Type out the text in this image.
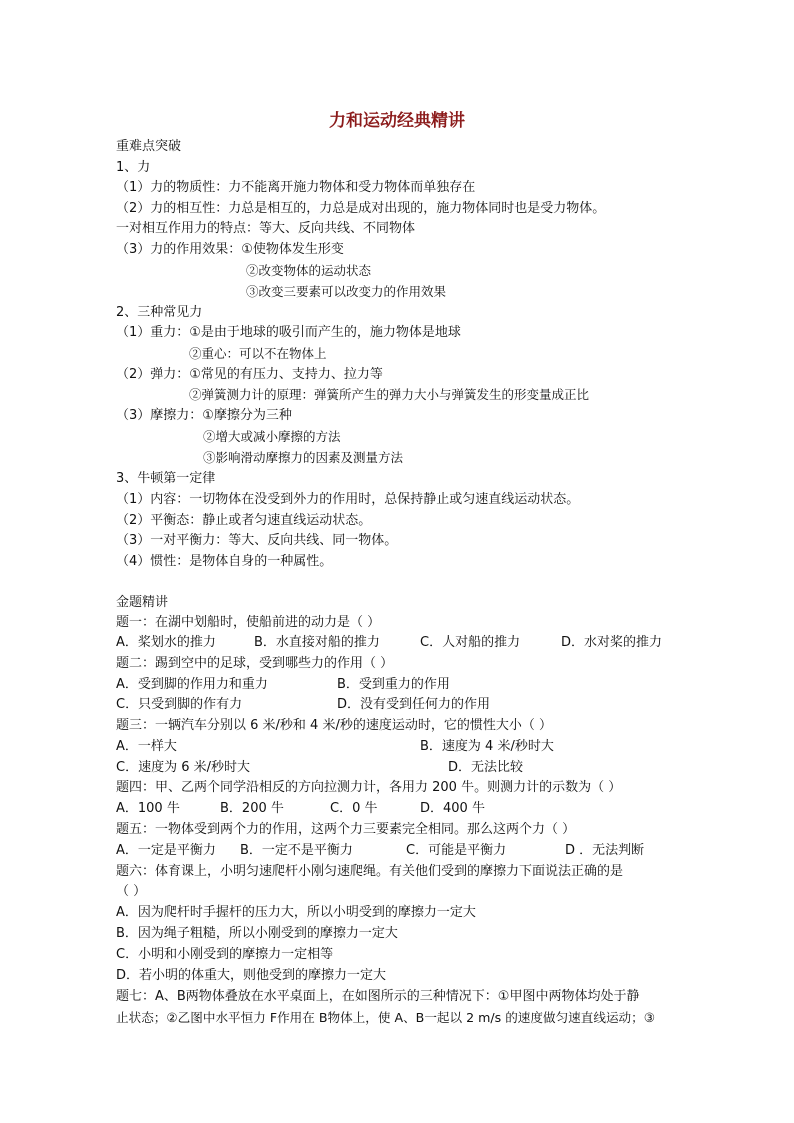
力和运动经典精讲
重难点突破
1、力
（1）力的物质性：力不能离开施力物体和受力物体而单独存在
（2）力的相互性：力总是相互的，力总是成对出现的，施力物体同时也是受力物体。
一对相互作用力的特点：等大、反向共线、不同物体
（3）力的作用效果：①使物体发生形变
②改变物体的运动状态
③改变三要素可以改变力的作用效果
2、三种常见力
（1）重力：①是由于地球的吸引而产生的，施力物体是地球
②重心：可以不在物体上
（2）弹力：①常见的有压力、支持力、拉力等
②弹簧测力计的原理：弹簧所产生的弹力大小与弹簧发生的形变量成正比
（3）摩擦力：①摩擦分为三种
②增大或减小摩擦的方法
③影响滑动摩擦力的因素及测量方法
3、牛顿第一定律
（1）内容：一切物体在没受到外力的作用时，总保持静止或匀速直线运动状态。
（2）平衡态：静止或者匀速直线运动状态。
（3）一对平衡力：等大、反向共线、同一物体。
（4）惯性：是物体自身的一种属性。
金题精讲
题一：在湖中划船时，使船前进的动力是（ ）
A．桨划水的推力	B．水直接对船的推力	C．人对船的推力	D．水对桨的推力
题二：踢到空中的足球，受到哪些力的作用（ ）
A．受到脚的作用力和重力	B．受到重力的作用
C．只受到脚的作有力	D．没有受到任何力的作用
题三：一辆汽车分别以 6 米/秒和 4 米/秒的速度运动时，它的惯性大小（ ）
A．一样大	B．速度为 4 米/秒时大
C．速度为 6 米/秒时大	D．无法比较
题四：甲、乙两个同学沿相反的方向拉测力计，各用力 200 牛。则测力计的示数为（ ）
A．100 牛	B．200 牛	C．0 牛	D．400 牛
题五：一物体受到两个力的作用，这两个力三要素完全相同。那么这两个力（ ）
A．一定是平衡力 B．一定不是平衡力	C．可能是平衡力	D ．无法判断
题六：体育课上，小明匀速爬杆小刚匀速爬绳。有关他们受到的摩擦力下面说法正确的是
（ ）
A．因为爬杆时手握杆的压力大，所以小明受到的摩擦力一定大
B．因为绳子粗糙，所以小刚受到的摩擦力一定大
C．小明和小刚受到的摩擦力一定相等
D．若小明的体重大，则他受到的摩擦力一定大
题七：A、B两物体叠放在水平桌面上，在如图所示的三种情况下：①甲图中两物体均处于静
止状态；②乙图中水平恒力 F作用在 B物体上，使 A、B一起以 2 m/s 的速度做匀速直线运动；③
